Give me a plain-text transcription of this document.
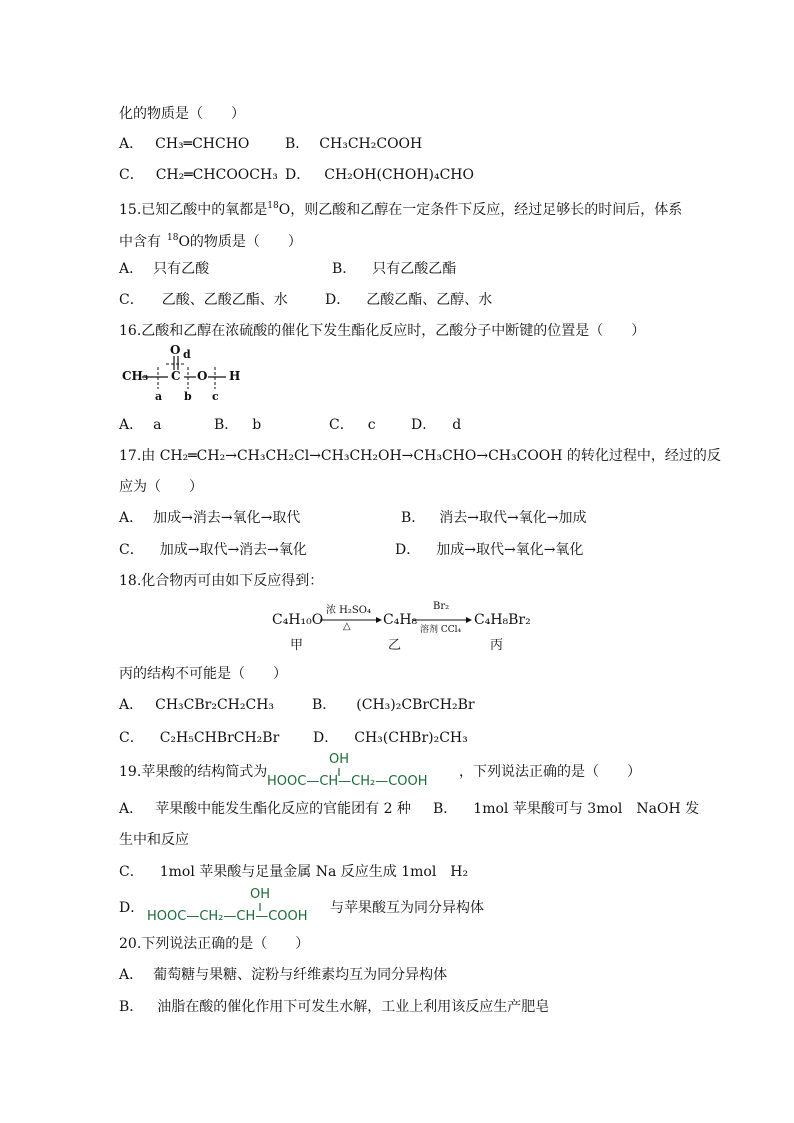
化的物质是（　　）
A． CH₃═CHCHO	B． CH₃CH₂COOH
C． CH₂═CHCOOCH₃ D． CH₂OH(CHOH)₄CHO
15.已知乙酸中的氧都是$^{18}$O，则乙酸和乙醇在一定条件下反应，经过足够长的时间后，体系
中含有 $^{18}$O的物质是（　　）
A． 只有乙酸	B． 只有乙酸乙酯
C． 乙酸、乙酸乙酯、水	D． 乙酸乙酯、乙醇、水
16.乙酸和乙醇在浓硫酸的催化下发生酯化反应时，乙酸分子中断键的位置是（　　）
CH₃ C
O
O H
a b c
d
A． a	B． b	C． c	D． d
17.由 CH₂═CH₂→CH₃CH₂Cl→CH₃CH₂OH→CH₃CHO→CH₃COOH 的转化过程中，经过的反
应为（　　）
A． 加成→消去→氧化→取代	B． 消去→取代→氧化→加成
C． 加成→取代→消去→氧化	D． 加成→取代→氧化→氧化
18.化合物丙可由如下反应得到：
C₄H₁₀O
浓 H₂SO₄
△ C₄H₈
Br₂
溶剂 CCl₄
C₄H₈Br₂
甲	乙	丙
丙的结构不可能是（　　）
A． CH₃CBr₂CH₂CH₃	B． (CH₃)₂CBrCH₂Br
C． C₂H₅CHBrCH₂Br D． CH₃(CHBr)₂CH₃
19.苹果酸的结构简式为
OH
HOOC—CH—CH₂—COOH
，下列说法正确的是（　　）
A． 苹果酸中能发生酯化反应的官能团有 2 种 B． 1mol 苹果酸可与 3mol　NaOH 发
生中和反应
C． 1mol 苹果酸与足量金属 Na 反应生成 1mol　H₂
D．
OH
HOOC—CH₂—CH—COOH
与苹果酸互为同分异构体
20.下列说法正确的是（　　）
A． 葡萄糖与果糖、淀粉与纤维素均互为同分异构体
B． 油脂在酸的催化作用下可发生水解，工业上利用该反应生产肥皂
